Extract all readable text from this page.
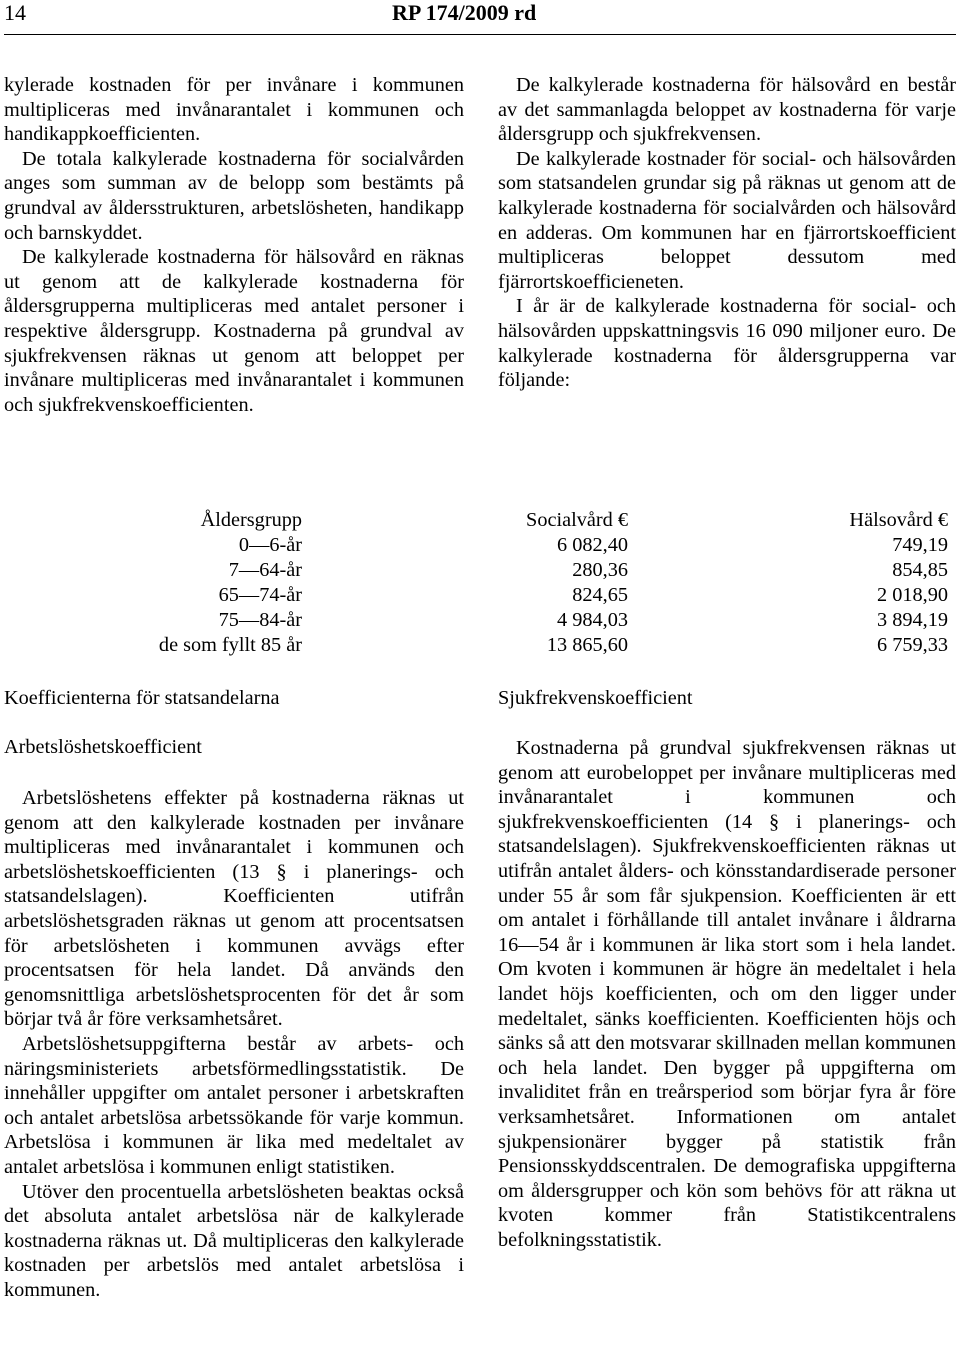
14	RP 174/2009 rd

kylerade kostnaden för per invånare i kommunen multipliceras med invånarantalet i kommunen och handikappkoefficienten.

De totala kalkylerade kostnaderna för socialvården anges som summan av de belopp som bestämts på grundval av åldersstrukturen, arbetslösheten, handikapp och barnskyddet.

De kalkylerade kostnaderna för hälsovård en räknas ut genom att de kalkylerade kostnaderna för åldersgrupperna multipliceras med antalet personer i respektive åldersgrupp. Kostnaderna på grundval av sjukfrekvensen räknas ut genom att beloppet per invånare multipliceras med invånarantalet i kommunen och sjukfrekvenskoefficienten.

De kalkylerade kostnaderna för hälsovård en består av det sammanlagda beloppet av kostnaderna för varje åldersgrupp och sjukfrekvensen.

De kalkylerade kostnader för social- och hälsovården som statsandelen grundar sig på räknas ut genom att de kalkylerade kostnaderna för socialvården och hälsovård en adderas. Om kommunen har en fjärrortskoefficient multipliceras beloppet dessutom med fjärrortskoefficieneten.

I år är de kalkylerade kostnaderna för social- och hälsovården uppskattningsvis 16 090 miljoner euro. De kalkylerade kostnaderna för åldersgrupperna var följande:

Åldersgrupp
0—6-år
7—64-år
65—74-år
75—84-år
de som fyllt 85 år
Socialvård €
6 082,40
280,36
824,65
4 984,03
13 865,60
Hälsovård €
749,19
854,85
2 018,90
3 894,19
6 759,33
Koefficienterna för statsandelarna
Arbetslöshetskoefficient
Sjukfrekvenskoefficient

Arbetslöshetens effekter på kostnaderna räknas ut genom att den kalkylerade kostnaden per invånare multipliceras med invånarantalet i kommunen och arbetslöshetskoefficienten (13 § i planerings- och statsandelslagen). Koefficienten utifrån arbetslöshetsgraden räknas ut genom att procentsatsen för arbetslösheten i kommunen avvägs efter procentsatsen för hela landet. Då används den genomsnittliga arbetslöshetsprocenten för det år som börjar två år före verksamhetsåret.

Arbetslöshetsuppgifterna består av arbets- och näringsministeriets arbetsförmedlingsstatistik. De innehåller uppgifter om antalet personer i arbetskraften och antalet arbetslösa arbetssökande för varje kommun. Arbetslösa i kommunen är lika med medeltalet av antalet arbetslösa i kommunen enligt statistiken.

Utöver den procentuella arbetslösheten beaktas också det absoluta antalet arbetslösa när de kalkylerade kostnaderna räknas ut. Då multipliceras den kalkylerade kostnaden per arbetslös med antalet arbetslösa i kommunen.

Kostnaderna på grundval sjukfrekvensen räknas ut genom att eurobeloppet per invånare multipliceras med invånarantalet i kommunen och sjukfrekvenskoefficienten (14 § i planerings- och statsandelslagen). Sjukfrekvenskoefficienten räknas ut utifrån antalet ålders- och könsstandardiserade personer under 55 år som får sjukpension. Koefficienten är ett om antalet i förhållande till antalet invånare i åldrarna 16—54 år i kommunen är lika stort som i hela landet. Om kvoten i kommunen är högre än medeltalet i hela landet höjs koefficienten, och om den ligger under medeltalet, sänks koefficienten. Koefficienten höjs och sänks så att den motsvarar skillnaden mellan kommunen och hela landet. Den bygger på uppgifterna om invaliditet från en treårsperiod som börjar fyra år före verksamhetsåret. Informationen om antalet sjukpensionärer bygger på statistik från Pensionsskyddscentralen. De demografiska uppgifterna om åldersgrupper och kön som behövs för att räkna ut kvoten kommer från Statistikcentralens befolkningsstatistik.
